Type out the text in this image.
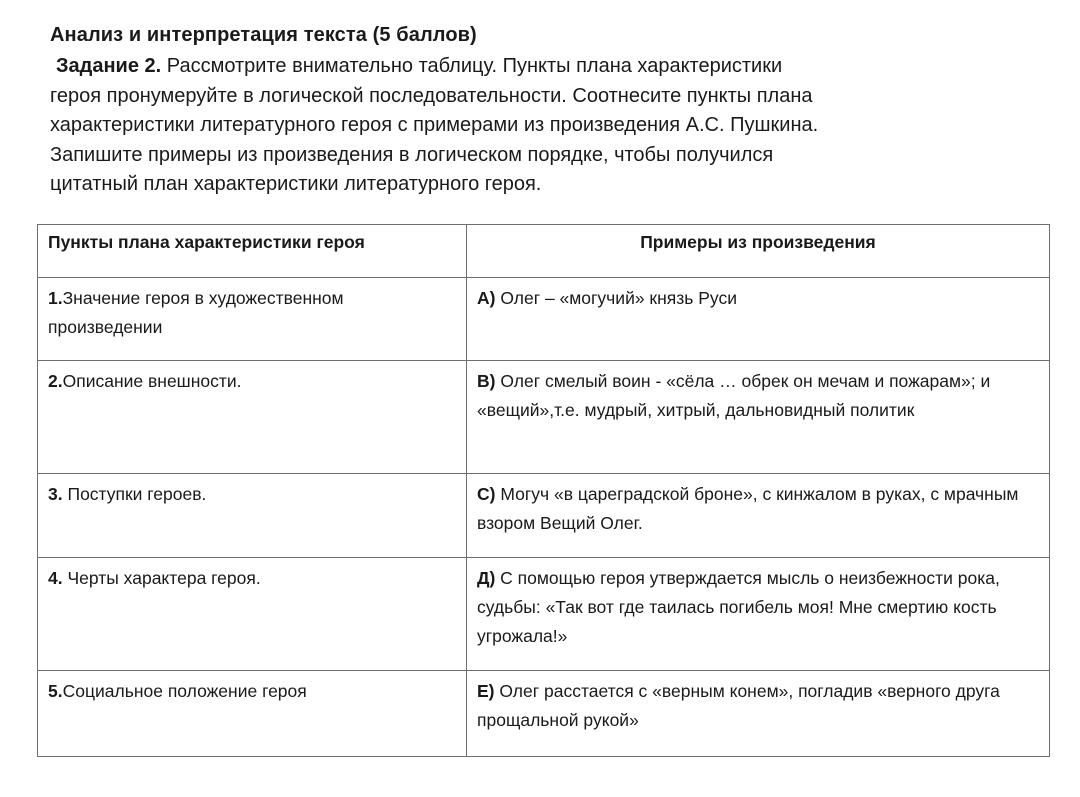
Анализ и интерпретация текста (5 баллов)
Задание 2. Рассмотрите внимательно таблицу. Пункты плана характеристики
героя пронумеруйте в логической последовательности. Соотнесите пункты плана
характеристики литературного героя с примерами из произведения А.С. Пушкина.
Запишите примеры из произведения в логическом порядке, чтобы получился
цитатный план характеристики литературного героя.
Пункты плана характеристики героя	Примеры из произведения
1.Значение героя в художественном произведении	А) Олег – «могучий» князь Руси
2.Описание внешности.	В) Олег смелый воин - «сёла … обрек он мечам и пожарам»; и «вещий»,т.е. мудрый, хитрый, дальновидный политик
3. Поступки героев.	С) Могуч «в цареградской броне», с кинжалом в руках, с мрачным взором Вещий Олег.
4. Черты характера героя.	Д) С помощью героя утверждается мысль о неизбежности рока, судьбы: «Так вот где таилась погибель моя! Мне смертию кость угрожала!»
5.Социальное положение героя	Е) Олег расстается с «верным конем», погладив «верного друга прощальной рукой»
